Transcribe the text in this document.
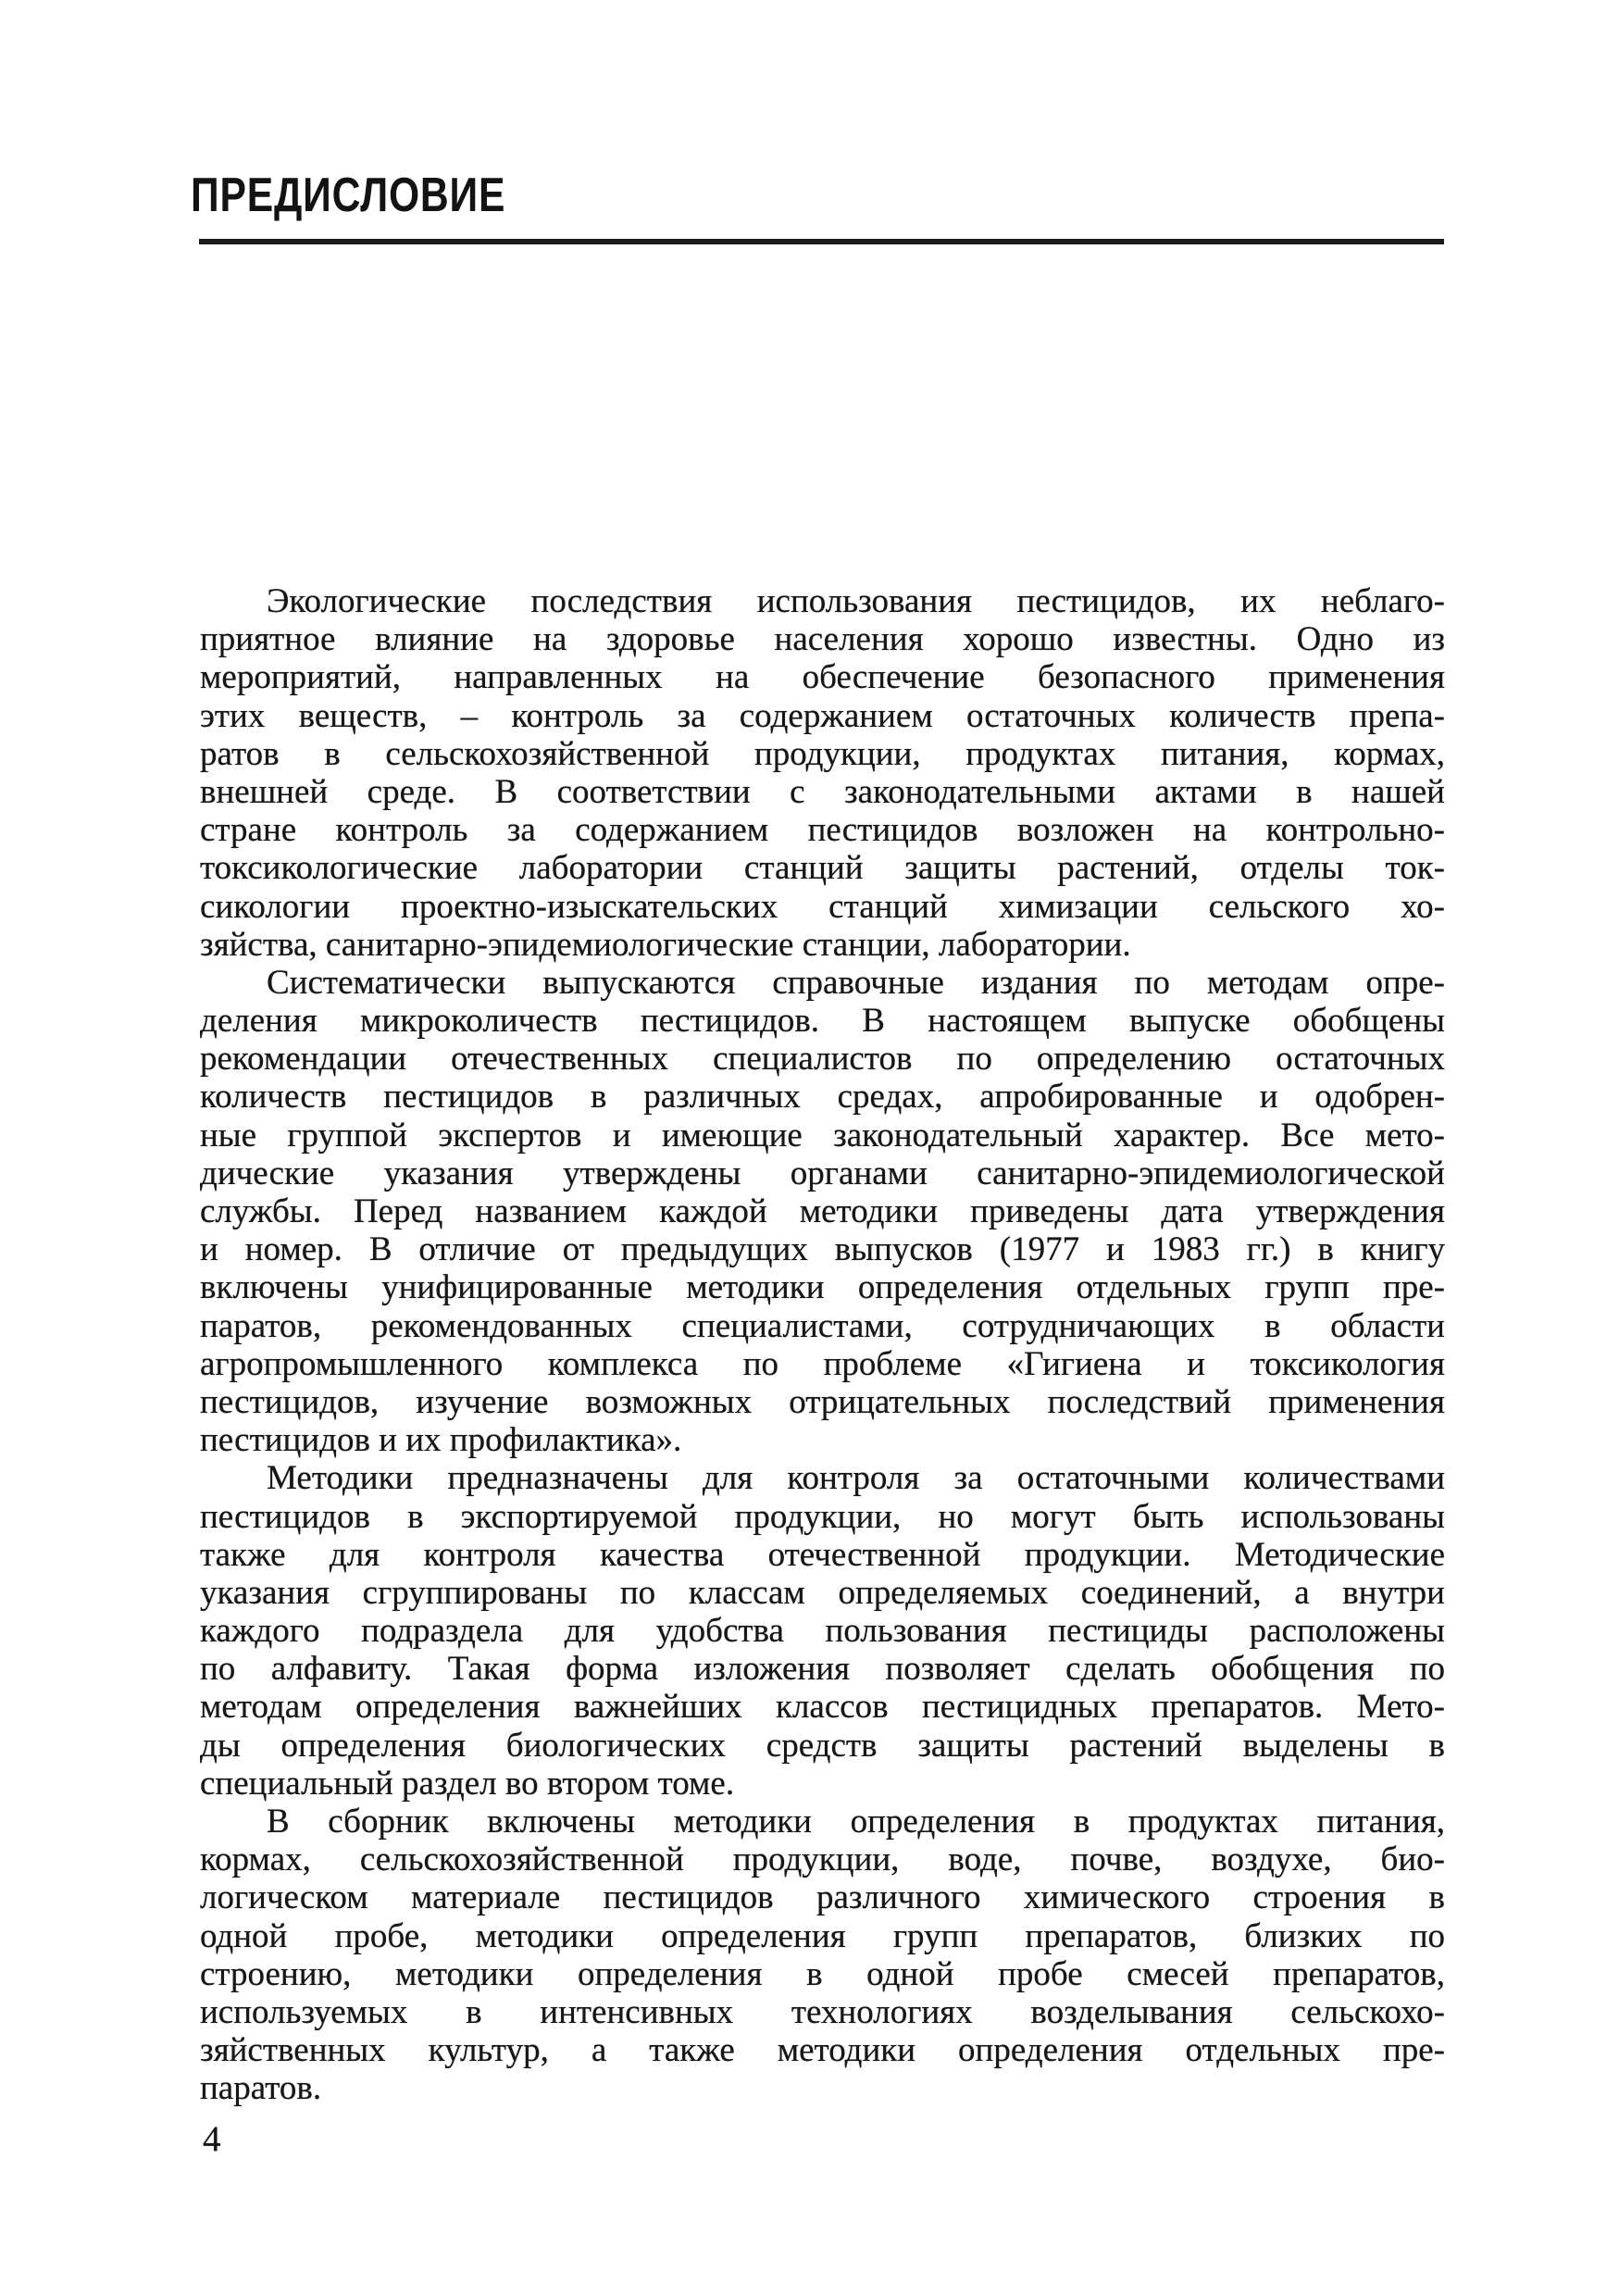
ПРЕДИСЛОВИЕ
Экологические последствия использования пестицидов, их неблаго-
приятное влияние на здоровье населения хорошо известны. Одно из
мероприятий, направленных на обеспечение безопасного применения
этих веществ, – контроль за содержанием остаточных количеств препа-
ратов в сельскохозяйственной продукции, продуктах питания, кормах,
внешней среде. В соответствии с законодательными актами в нашей
стране контроль за содержанием пестицидов возложен на контрольно-
токсикологические лаборатории станций защиты растений, отделы ток-
сикологии проектно-изыскательских станций химизации сельского хо-
зяйства, санитарно-эпидемиологические станции, лаборатории.
Систематически выпускаются справочные издания по методам опре-
деления микроколичеств пестицидов. В настоящем выпуске обобщены
рекомендации отечественных специалистов по определению остаточных
количеств пестицидов в различных средах, апробированные и одобрен-
ные группой экспертов и имеющие законодательный характер. Все мето-
дические указания утверждены органами санитарно-эпидемиологической
службы. Перед названием каждой методики приведены дата утверждения
и номер. В отличие от предыдущих выпусков (1977 и 1983 гг.) в книгу
включены унифицированные методики определения отдельных групп пре-
паратов, рекомендованных специалистами, сотрудничающих в области
агропромышленного комплекса по проблеме «Гигиена и токсикология
пестицидов, изучение возможных отрицательных последствий применения
пестицидов и их профилактика».
Методики предназначены для контроля за остаточными количествами
пестицидов в экспортируемой продукции, но могут быть использованы
также для контроля качества отечественной продукции. Методические
указания сгруппированы по классам определяемых соединений, а внутри
каждого подраздела для удобства пользования пестициды расположены
по алфавиту. Такая форма изложения позволяет сделать обобщения по
методам определения важнейших классов пестицидных препаратов. Мето-
ды определения биологических средств защиты растений выделены в
специальный раздел во втором томе.
В сборник включены методики определения в продуктах питания,
кормах, сельскохозяйственной продукции, воде, почве, воздухе, био-
логическом материале пестицидов различного химического строения в
одной пробе, методики определения групп препаратов, близких по
строению, методики определения в одной пробе смесей препаратов,
используемых в интенсивных технологиях возделывания сельскохо-
зяйственных культур, а также методики определения отдельных пре-
паратов.
4
